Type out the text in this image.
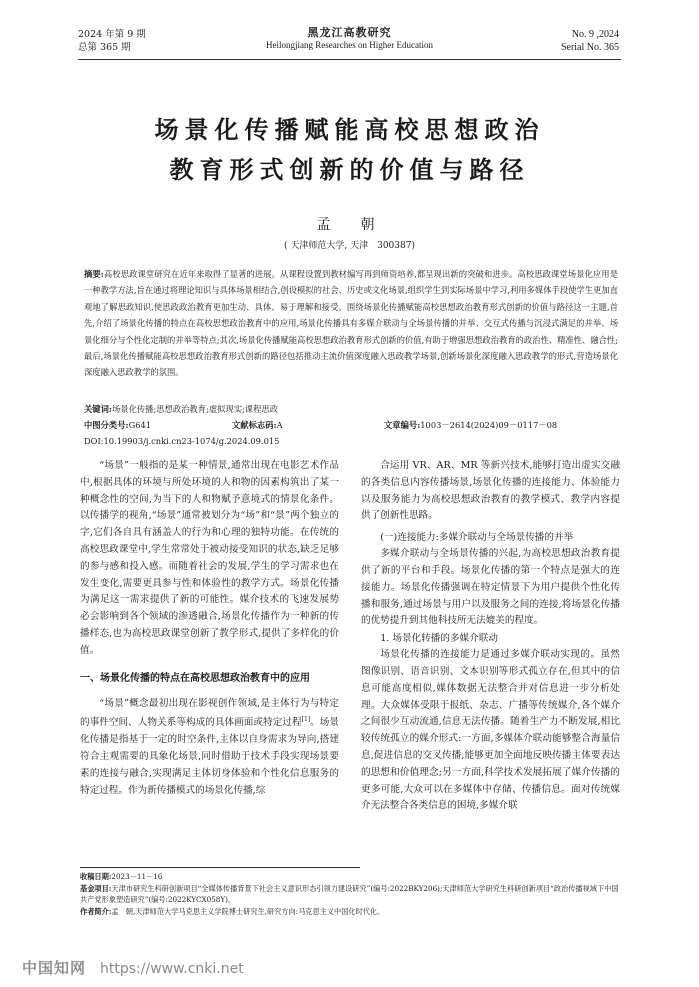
2024 年第 9 期
总第 365 期
黑龙江高教研究
Heilongjiang Researches on Higher Education
No. 9 ,2024
Serial No. 365
场景化传播赋能高校思想政治
教育形式创新的价值与路径
孟　朝
( 天津师范大学, 天津　300387)
摘要:高校思政课堂研究在近年来取得了显著的进展。从课程设置到教材编写再到师资培养,都呈现出新的突破和进步。高校思政课堂场景化应用是一种教学方法,旨在通过将理论知识与具体场景相结合,创设模拟的社会、历史或文化场景,组织学生到实际场景中学习,利用多媒体手段使学生更加直观地了解思政知识,使思政政治教育更加生动、具体、易于理解和接受。围绕场景化传播赋能高校思想政治教育形式创新的价值与路径这一主题,首先,介绍了场景化传播的特点在高校思想政治教育中的应用,场景化传播具有多媒介联动与全场景传播的并举、交互式传播与沉浸式满足的并举、场景化细分与个性化定制的并举等特点;其次,场景化传播赋能高校思想政治教育形式创新的价值,有助于增强思想政治教育的政治性、精准性、融合性;最后,场景化传播赋能高校思想政治教育形式创新的路径包括推动主流价值深度融入思政教学场景,创新场景化深度融入思政教学的形式,营造场景化深度融入思政教学的氛围。
关键词:场景化传播;思想政治教育;虚拟现实;课程思政
中图分类号:G641	文献标志码:A	文章编号:1003－2614(2024)09－0117－08
DOI:10.19903/j.cnki.cn23-1074/g.2024.09.015

“场景”一般指的是某一种情景,通常出现在电影艺术作品中,根据具体的环境与所处环境的人和物的因素构筑出了某一种概念性的空间,为当下的人和物赋予意境式的情景化条件。以传播学的视角,“场景”通常被划分为“场”和“景”两个独立的字,它们各自具有涵盖人的行为和心理的独特功能。在传统的高校思政课堂中,学生常常处于被动接受知识的状态,缺乏足够的参与感和投入感。而随着社会的发展,学生的学习需求也在发生变化,需要更具参与性和体验性的教学方式。场景化传播为满足这一需求提供了新的可能性。媒介技术的飞速发展势必会影响到各个领域的渗透融合,场景化传播作为一种新的传播样态,也为高校思政课堂创新了教学形式,提供了多样化的价值。

一、场景化传播的特点在高校思想政治教育中的应用

“场景”概念最初出现在影视创作领域,是主体行为与特定的事件空间、人物关系等构成的具体画面或特定过程[1]。场景化传播是指基于一定的时空条件,主体以自身需求为导向,搭建符合主观需要的具象化场景,同时借助于技术手段实现场景要素的连接与融合,实现满足主体切身体验和个性化信息服务的特定过程。作为新传播模式的场景化传播,综

合运用 VR、AR、MR 等新兴技术,能够打造出虚实交融的各类信息内容传播场景,场景化传播的连接能力、体验能力以及服务能力为高校思想政治教育的教学模式、教学内容提供了创新性思路。

(一)连接能力:多媒介联动与全场景传播的并举

多媒介联动与全场景传播的兴起,为高校思想政治教育提供了新的平台和手段。场景化传播的第一个特点是强大的连接能力。场景化传播强调在特定情景下为用户提供个性化传播和服务,通过场景与用户以及服务之间的连接,将场景化传播的优势提升到其他科技所无法媲美的程度。

1. 场景化转播的多媒介联动

场景化传播的连接能力是通过多媒介联动实现的。虽然图像识别、语音识别、文本识别等形式孤立存在,但其中的信息可能高度相似,媒体数据无法整合并对信息进一步分析处理。大众媒体受限于报纸、杂志、广播等传统媒介,各个媒介之间很少互动流通,信息无法传播。随着生产力不断发展,相比较传统孤立的媒介形式:一方面,多媒体介联动能够整合海量信息,促进信息的交叉传播,能够更加全面地反映传播主体要表达的思想和价值理念;另一方面,科学技术发展拓展了媒介传播的更多可能,大众可以在多媒体中存储、传播信息。面对传统媒介无法整合各类信息的困境,多媒介联

收稿日期:2023－11－16
基金项目:天津市研究生科研创新项目“全媒体传播背景下社会主义意识形态引领力建设研究”(编号:2022BKY206);天津师范大学研究生科研创新项目“政治传播视域下中国共产党形象塑造研究”(编号:2022KYCX058Y)。
作者简介:孟　朝,天津师范大学马克思主义学院博士研究生,研究方向:马克思主义中国化时代化。
中国知网 https://www.cnki.net
